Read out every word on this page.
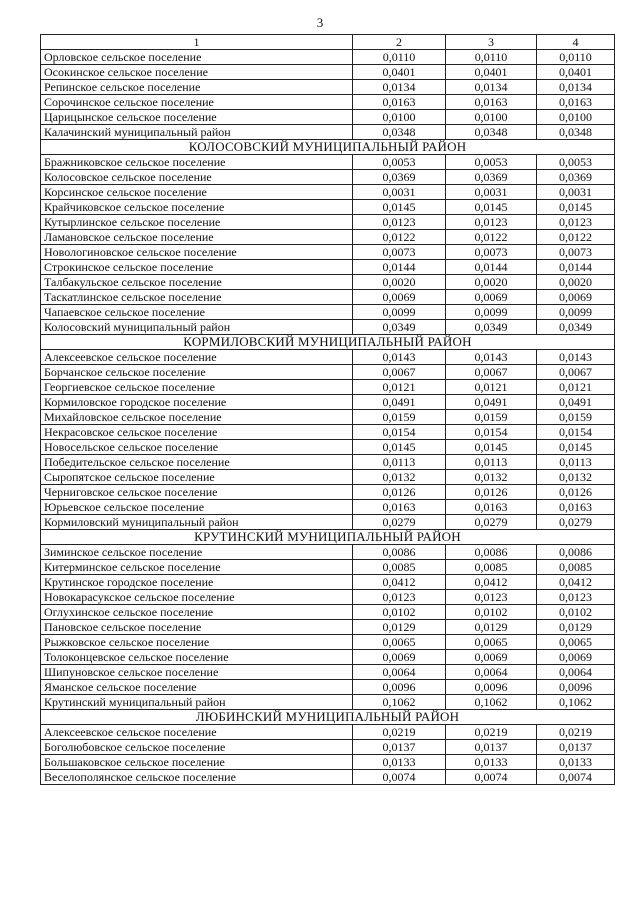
3
1	2	3	4
Орловское сельское поселение	0,0110	0,0110	0,0110
Осокинское сельское поселение	0,0401	0,0401	0,0401
Репинское сельское поселение	0,0134	0,0134	0,0134
Сорочинское сельское поселение	0,0163	0,0163	0,0163
Царицынское сельское поселение	0,0100	0,0100	0,0100
Калачинский муниципальный район	0,0348	0,0348	0,0348
КОЛОСОВСКИЙ МУНИЦИПАЛЬНЫЙ РАЙОН			
Бражниковское сельское поселение	0,0053	0,0053	0,0053
Колосовское сельское поселение	0,0369	0,0369	0,0369
Корсинское сельское поселение	0,0031	0,0031	0,0031
Крайчиковское сельское поселение	0,0145	0,0145	0,0145
Кутырлинское сельское поселение	0,0123	0,0123	0,0123
Ламановское сельское поселение	0,0122	0,0122	0,0122
Новологиновское сельское поселение	0,0073	0,0073	0,0073
Строкинское сельское поселение	0,0144	0,0144	0,0144
Талбакульское сельское поселение	0,0020	0,0020	0,0020
Таскатлинское сельское поселение	0,0069	0,0069	0,0069
Чапаевское сельское поселение	0,0099	0,0099	0,0099
Колосовский муниципальный район	0,0349	0,0349	0,0349
КОРМИЛОВСКИЙ МУНИЦИПАЛЬНЫЙ РАЙОН			
Алексеевское сельское поселение	0,0143	0,0143	0,0143
Борчанское сельское поселение	0,0067	0,0067	0,0067
Георгиевское сельское поселение	0,0121	0,0121	0,0121
Кормиловское городское поселение	0,0491	0,0491	0,0491
Михайловское сельское поселение	0,0159	0,0159	0,0159
Некрасовское сельское поселение	0,0154	0,0154	0,0154
Новосельское сельское поселение	0,0145	0,0145	0,0145
Победительское сельское поселение	0,0113	0,0113	0,0113
Сыропятское сельское поселение	0,0132	0,0132	0,0132
Черниговское сельское поселение	0,0126	0,0126	0,0126
Юрьевское сельское поселение	0,0163	0,0163	0,0163
Кормиловский муниципальный район	0,0279	0,0279	0,0279
КРУТИНСКИЙ МУНИЦИПАЛЬНЫЙ РАЙОН			
Зиминское сельское поселение	0,0086	0,0086	0,0086
Китерминское сельское поселение	0,0085	0,0085	0,0085
Крутинское городское поселение	0,0412	0,0412	0,0412
Новокарасукское сельское поселение	0,0123	0,0123	0,0123
Оглухинское сельское поселение	0,0102	0,0102	0,0102
Пановское сельское поселение	0,0129	0,0129	0,0129
Рыжковское сельское поселение	0,0065	0,0065	0,0065
Толоконцевское сельское поселение	0,0069	0,0069	0,0069
Шипуновское сельское поселение	0,0064	0,0064	0,0064
Яманское сельское поселение	0,0096	0,0096	0,0096
Крутинский муниципальный район	0,1062	0,1062	0,1062
ЛЮБИНСКИЙ МУНИЦИПАЛЬНЫЙ РАЙОН			
Алексеевское сельское поселение	0,0219	0,0219	0,0219
Боголюбовское сельское поселение	0,0137	0,0137	0,0137
Большаковское сельское поселение	0,0133	0,0133	0,0133
Веселополянское сельское поселение	0,0074	0,0074	0,0074
